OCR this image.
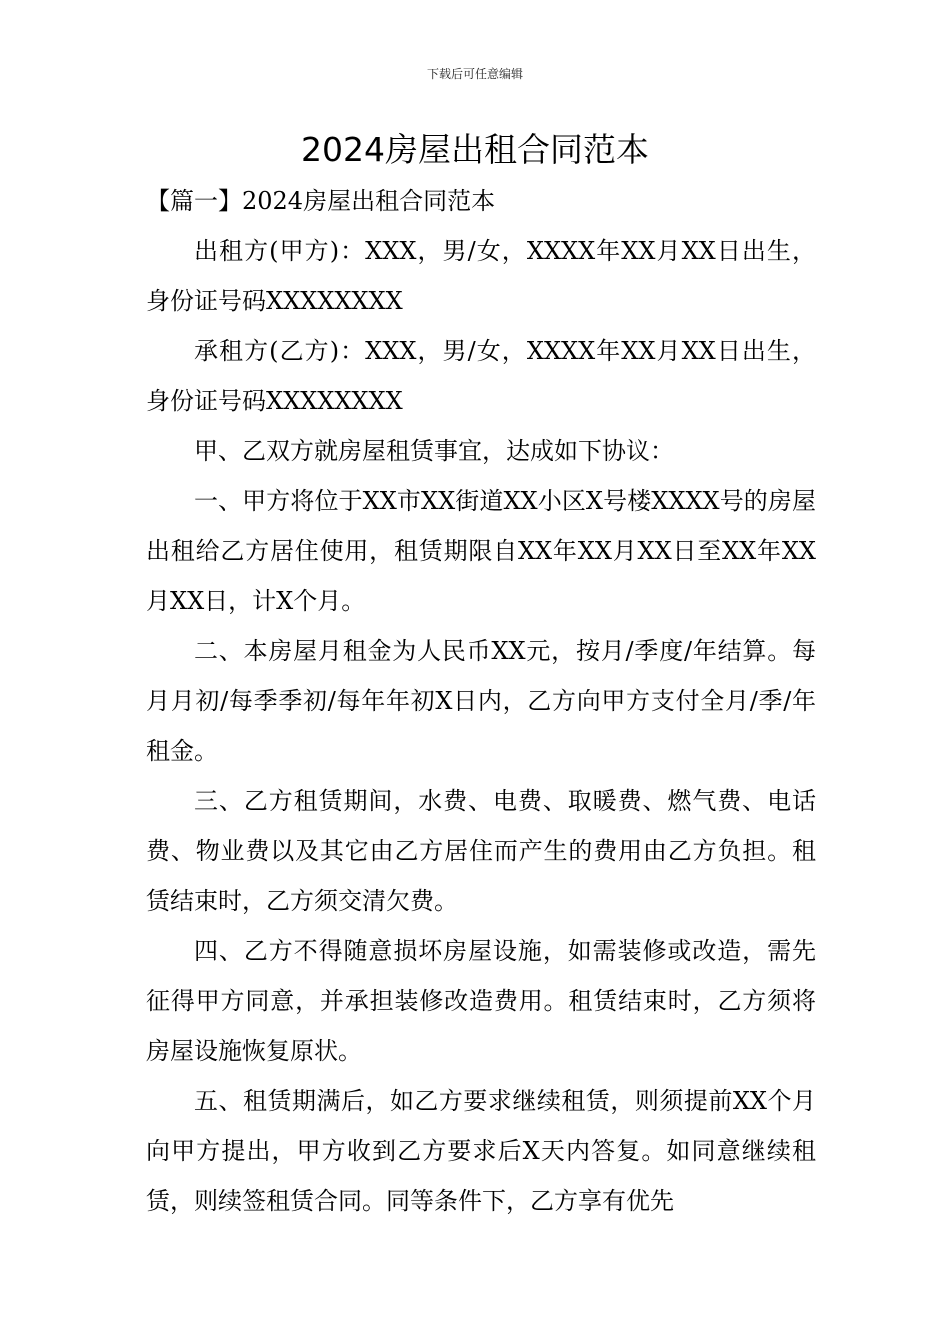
下载后可任意编辑
2024房屋出租合同范本
【篇一】2024房屋出租合同范本

出租方(甲方)：XXX，男/女，XXXX年XX月XX日出生，身份证号码XXXXXXXX

承租方(乙方)：XXX，男/女，XXXX年XX月XX日出生，身份证号码XXXXXXXX

甲、乙双方就房屋租赁事宜，达成如下协议：

一、甲方将位于XX市XX街道XX小区X号楼XXXX号的房屋出租给乙方居住使用，租赁期限自XX年XX月XX日至XX年XX月XX日，计X个月。

二、本房屋月租金为人民币XX元，按月/季度/年结算。每月月初/每季季初/每年年初X日内，乙方向甲方支付全月/季/年租金。

三、乙方租赁期间，水费、电费、取暖费、燃气费、电话费、物业费以及其它由乙方居住而产生的费用由乙方负担。租赁结束时，乙方须交清欠费。

四、乙方不得随意损坏房屋设施，如需装修或改造，需先征得甲方同意，并承担装修改造费用。租赁结束时，乙方须将房屋设施恢复原状。

五、租赁期满后，如乙方要求继续租赁，则须提前XX个月向甲方提出，甲方收到乙方要求后X天内答复。如同意继续租赁，则续签租赁合同。同等条件下，乙方享有优先
